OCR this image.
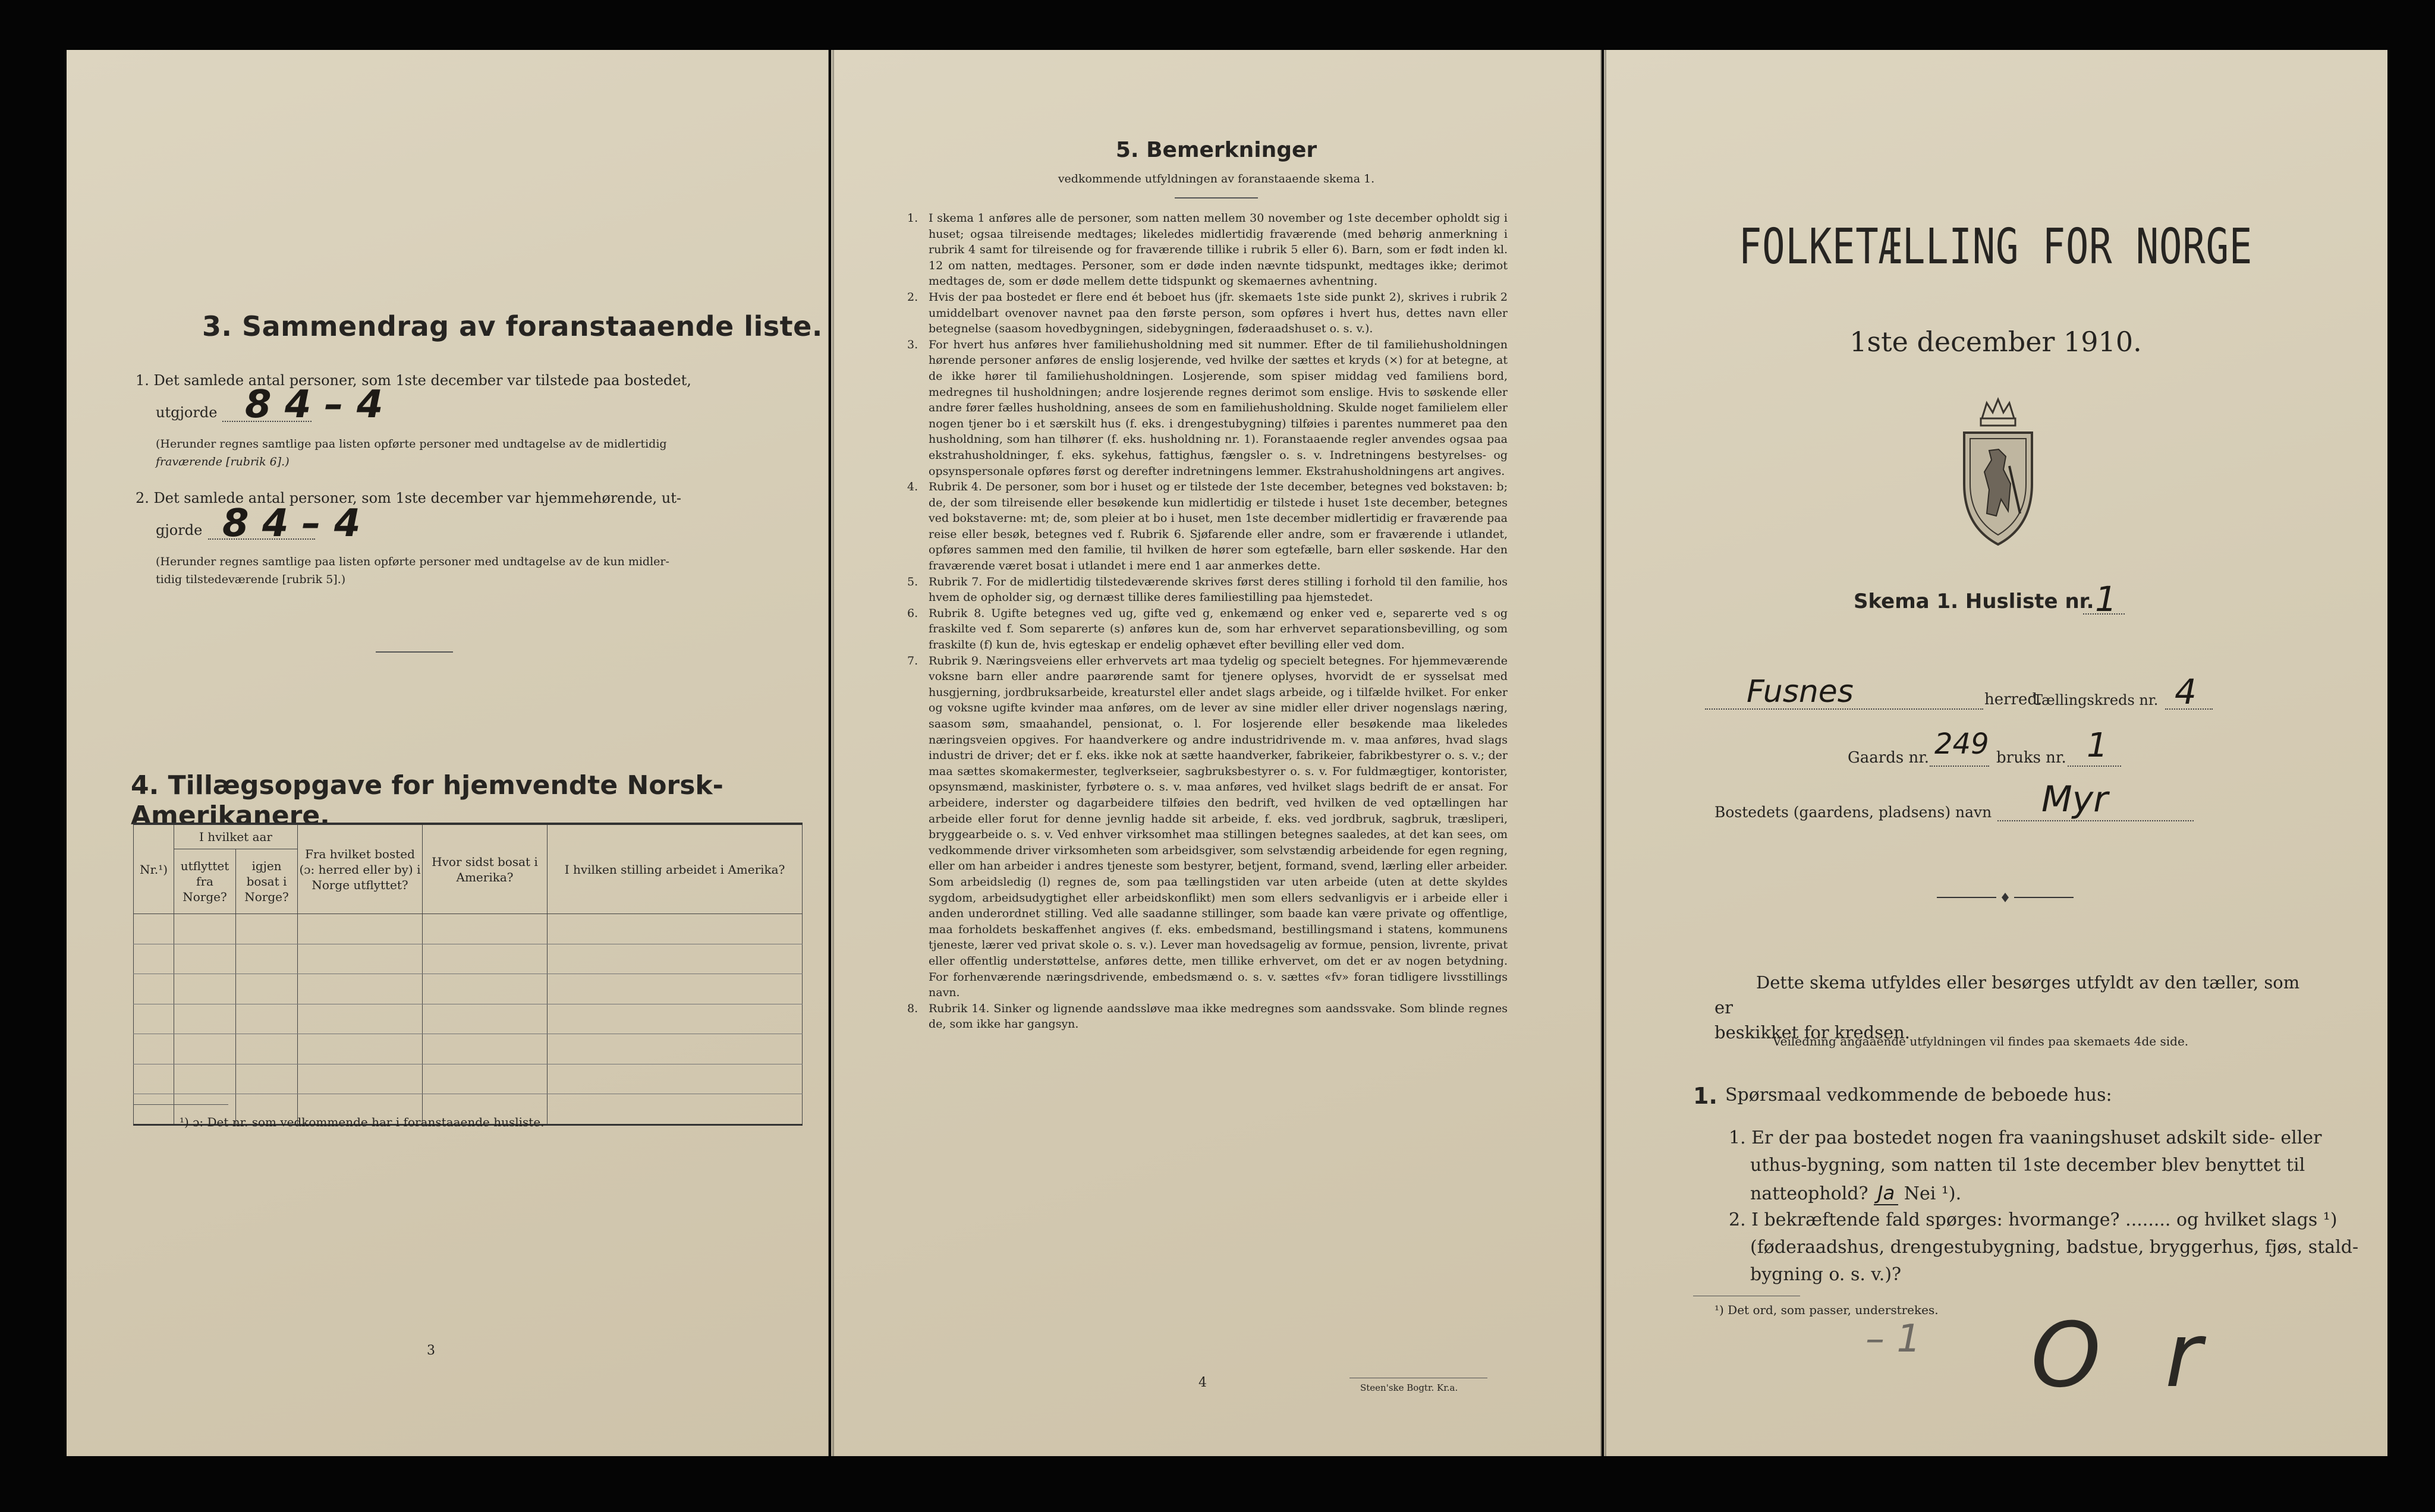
3. Sammendrag av foranstaaende liste.
1. Det samlede antal personer, som 1ste december var tilstede paa bostedet,
utgjorde 8 4 – 4
(Herunder regnes samtlige paa listen opførte personer med undtagelse av de midlertidig
fraværende [rubrik 6].)
2. Det samlede antal personer, som 1ste december var hjemmehørende, ut-
gjorde 8 4 – 4
(Herunder regnes samtlige paa listen opførte personer med undtagelse av de kun midler-
tidig tilstedeværende [rubrik 5].)
4. Tillægsopgave for hjemvendte Norsk-Amerikanere.
Nr.¹)	I hvilket aar		Fra hvilket bosted (ɔ: herred eller by) i Norge utflyttet?	Hvor sidst bosat i Amerika?	I hvilken stilling arbeidet i Amerika?
	utflyttet fra Norge?	igjen bosat i Norge?			

¹) ɔ: Det nr. som vedkommende har i foranstaaende husliste.
3
5. Bemerkninger
vedkommende utfyldningen av foranstaaende skema 1.
1. I skema 1 anføres alle de personer, som natten mellem 30 november og 1ste december opholdt sig i huset; ogsaa tilreisende medtages; likeledes midlertidig fraværende (med behørig anmerkning i rubrik 4 samt for tilreisende og for fraværende tillike i rubrik 5 eller 6). Barn, som er født inden kl. 12 om natten, medtages. Personer, som er døde inden nævnte tidspunkt, medtages ikke; derimot medtages de, som er døde mellem dette tidspunkt og skemaernes avhentning.
2. Hvis der paa bostedet er flere end ét beboet hus (jfr. skemaets 1ste side punkt 2), skrives i rubrik 2 umiddelbart ovenover navnet paa den første person, som opføres i hvert hus, dettes navn eller betegnelse (saasom hovedbygningen, sidebygningen, føderaadshuset o. s. v.).
3. For hvert hus anføres hver familiehusholdning med sit nummer. Efter de til familiehusholdningen hørende personer anføres de enslig losjerende, ved hvilke der sættes et kryds (×) for at betegne, at de ikke hører til familiehusholdningen. Losjerende, som spiser middag ved familiens bord, medregnes til husholdningen; andre losjerende regnes derimot som enslige. Hvis to søskende eller andre fører fælles husholdning, ansees de som en familiehusholdning. Skulde noget familielem eller nogen tjener bo i et særskilt hus (f. eks. i drengestubygning) tilføies i parentes nummeret paa den husholdning, som han tilhører (f. eks. husholdning nr. 1). Foranstaaende regler anvendes ogsaa paa ekstrahusholdninger, f. eks. sykehus, fattighus, fængsler o. s. v. Indretningens bestyrelses- og opsynspersonale opføres først og derefter indretningens lemmer. Ekstrahusholdningens art angives.
4. Rubrik 4. De personer, som bor i huset og er tilstede der 1ste december, betegnes ved bokstaven: b; de, der som tilreisende eller besøkende kun midlertidig er tilstede i huset 1ste december, betegnes ved bokstaverne: mt; de, som pleier at bo i huset, men 1ste december midlertidig er fraværende paa reise eller besøk, betegnes ved f. Rubrik 6. Sjøfarende eller andre, som er fraværende i utlandet, opføres sammen med den familie, til hvilken de hører som egtefælle, barn eller søskende. Har den fraværende været bosat i utlandet i mere end 1 aar anmerkes dette.
5. Rubrik 7. For de midlertidig tilstedeværende skrives først deres stilling i forhold til den familie, hos hvem de opholder sig, og dernæst tillike deres familiestilling paa hjemstedet.
6. Rubrik 8. Ugifte betegnes ved ug, gifte ved g, enkemænd og enker ved e, separerte ved s og fraskilte ved f. Som separerte (s) anføres kun de, som har erhvervet separationsbevilling, og som fraskilte (f) kun de, hvis egteskap er endelig ophævet efter bevilling eller ved dom.
7. Rubrik 9. Næringsveiens eller erhvervets art maa tydelig og specielt betegnes. For hjemmeværende voksne barn eller andre paarørende samt for tjenere oplyses, hvorvidt de er sysselsat med husgjerning, jordbruksarbeide, kreaturstel eller andet slags arbeide, og i tilfælde hvilket. For enker og voksne ugifte kvinder maa anføres, om de lever av sine midler eller driver nogenslags næring, saasom søm, smaahandel, pensionat, o. l. For losjerende eller besøkende maa likeledes næringsveien opgives. For haandverkere og andre industridrivende m. v. maa anføres, hvad slags industri de driver; det er f. eks. ikke nok at sætte haandverker, fabrikeier, fabrikbestyrer o. s. v.; der maa sættes skomakermester, teglverkseier, sagbruksbestyrer o. s. v. For fuldmægtiger, kontorister, opsynsmænd, maskinister, fyrbøtere o. s. v. maa anføres, ved hvilket slags bedrift de er ansat. For arbeidere, inderster og dagarbeidere tilføies den bedrift, ved hvilken de ved optællingen har arbeide eller forut for denne jevnlig hadde sit arbeide, f. eks. ved jordbruk, sagbruk, træsliperi, bryggearbeide o. s. v. Ved enhver virksomhet maa stillingen betegnes saaledes, at det kan sees, om vedkommende driver virksomheten som arbeidsgiver, som selvstændig arbeidende for egen regning, eller om han arbeider i andres tjeneste som bestyrer, betjent, formand, svend, lærling eller arbeider. Som arbeidsledig (l) regnes de, som paa tællingstiden var uten arbeide (uten at dette skyldes sygdom, arbeidsudygtighet eller arbeidskonflikt) men som ellers sedvanligvis er i arbeide eller i anden underordnet stilling. Ved alle saadanne stillinger, som baade kan være private og offentlige, maa forholdets beskaffenhet angives (f. eks. embedsmand, bestillingsmand i statens, kommunens tjeneste, lærer ved privat skole o. s. v.). Lever man hovedsagelig av formue, pension, livrente, privat eller offentlig understøttelse, anføres dette, men tillike erhvervet, om det er av nogen betydning. For forhenværende næringsdrivende, embedsmænd o. s. v. sættes «fv» foran tidligere livsstillings navn.
8. Rubrik 14. Sinker og lignende aandssløve maa ikke medregnes som aandssvake. Som blinde regnes de, som ikke har gangsyn.
4	Steen'ske Bogtr. Kr.a.
FOLKETÆLLING FOR NORGE
1ste december 1910.
Skema 1. Husliste nr. 1
Fusnes	herred.
Tællingskreds nr. 4
Gaards nr. 249 bruks nr. 1
Bostedets (gaardens, pladsens) navn Myr
Dette skema utfyldes eller besørges utfyldt av den tæller, som er
beskikket for kredsen.
Veiledning angaaende utfyldningen vil findes paa skemaets 4de side.
1. Spørsmaal vedkommende de beboede hus:
1. Er der paa bostedet nogen fra vaaningshuset adskilt side- eller
uthus-bygning, som natten til 1ste december blev benyttet til
natteophold? Ja Nei ¹).
2. I bekræftende fald spørges: hvormange? ........ og hvilket slags ¹)
(føderaadshus, drengestubygning, badstue, bryggerhus, fjøs, stald-
bygning o. s. v.)?
¹) Det ord, som passer, understrekes.
– 1 O r
